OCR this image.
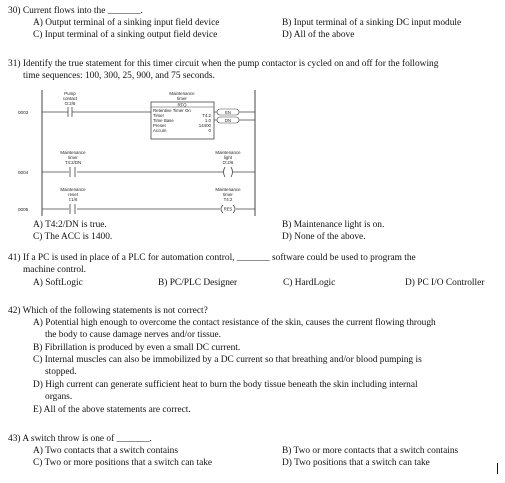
30) Current flows into the _______.
A) Output terminal of a sinking input field device	B) Input terminal of a sinking DC input module
C) Input terminal of a sinking output field device	D) All of the above
31) Identify the true statement for this timer circuit when the pump contactor is cycled on and off for the following
time sequences: 100, 300, 25, 900, and 75 seconds.
0003
Pump
contact
O:2/6
Maintenance
timer
RTO
Retentive Timer On
Timer	T4:2
Time Base	1.0
Preset	14400
Accum	0
EN
DN
0004
Maintenance
timer
T4:2/DN
Maintenance
light
O:2/6
0005
Maintenance
reset
I:1/6
Maintenance
timer
T4:2
RES
A) T4:2/DN is true.	B) Maintenance light is on.
C) The ACC is 1400.	D) None of the above.
41) If a PC is used in place of a PLC for automation control, _______ software could be used to program the
machine control.
A) SoftLogic	B) PC/PLC Designer	C) HardLogic	D) PC I/O Controller
42) Which of the following statements is not correct?
A) Potential high enough to overcome the contact resistance of the skin, causes the current flowing through
the body to cause damage nerves and/or tissue.
B) Fibrillation is produced by even a small DC current.
C) Internal muscles can also be immobilized by a DC current so that breathing and/or blood pumping is
stopped.
D) High current can generate sufficient heat to burn the body tissue beneath the skin including internal
organs.
E) All of the above statements are correct.
43) A switch throw is one of _______.
A) Two contacts that a switch contains	B) Two or more contacts that a switch contains
C) Two or more positions that a switch can take	D) Two positions that a switch can take
